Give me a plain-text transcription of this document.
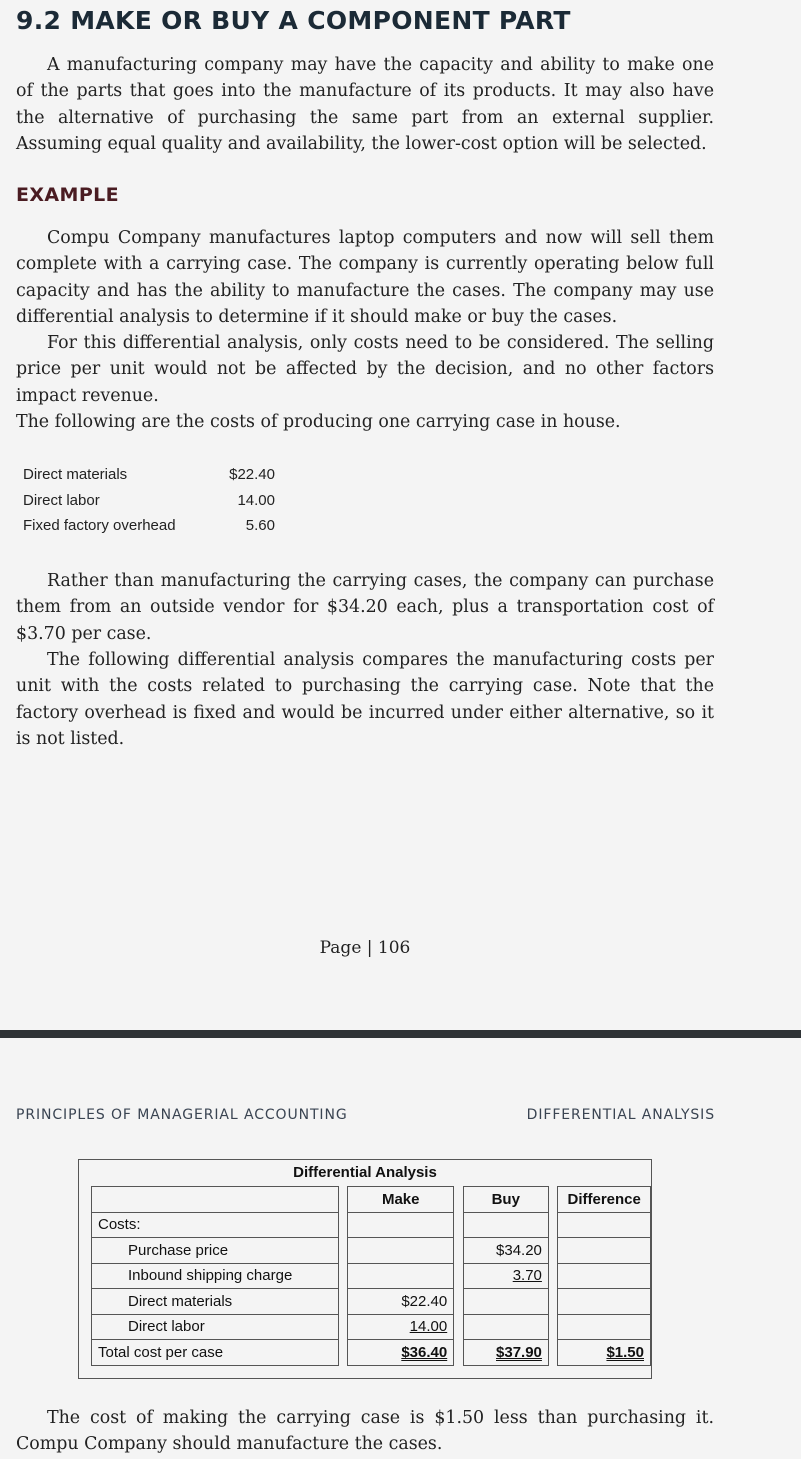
9.2 MAKE OR BUY A COMPONENT PART

A manufacturing company may have the capacity and ability to make one of the parts that goes into the manufacture of its products. It may also have the alternative of purchasing the same part from an external supplier. Assuming equal quality and availability, the lower-cost option will be selected.

EXAMPLE

Compu Company manufactures laptop computers and now will sell them complete with a carrying case. The company is currently operating below full capacity and has the ability to manufacture the cases. The company may use differential analysis to determine if it should make or buy the cases.

For this differential analysis, only costs need to be considered. The selling price per unit would not be affected by the decision, and no other factors impact revenue.

The following are the costs of producing one carrying case in house.

Direct materials	$22.40
Direct labor	14.00
Fixed factory overhead	5.60

Rather than manufacturing the carrying cases, the company can purchase them from an outside vendor for $34.20 each, plus a transportation cost of $3.70 per case.

The following differential analysis compares the manufacturing costs per unit with the costs related to purchasing the carrying case. Note that the factory overhead is fixed and would be incurred under either alternative, so it is not listed.

Page | 106
PRINCIPLES OF MANAGERIAL ACCOUNTING	DIFFERENTIAL ANALYSIS
Differential Analysis
		Make		Buy		Difference
Costs:						
Purchase price				$34.20		
Inbound shipping charge				3.70		
Direct materials		$22.40				
Direct labor		14.00				
Total cost per case		$36.40		$37.90		$1.50

The cost of making the carrying case is $1.50 less than purchasing it. Compu Company should manufacture the cases.
